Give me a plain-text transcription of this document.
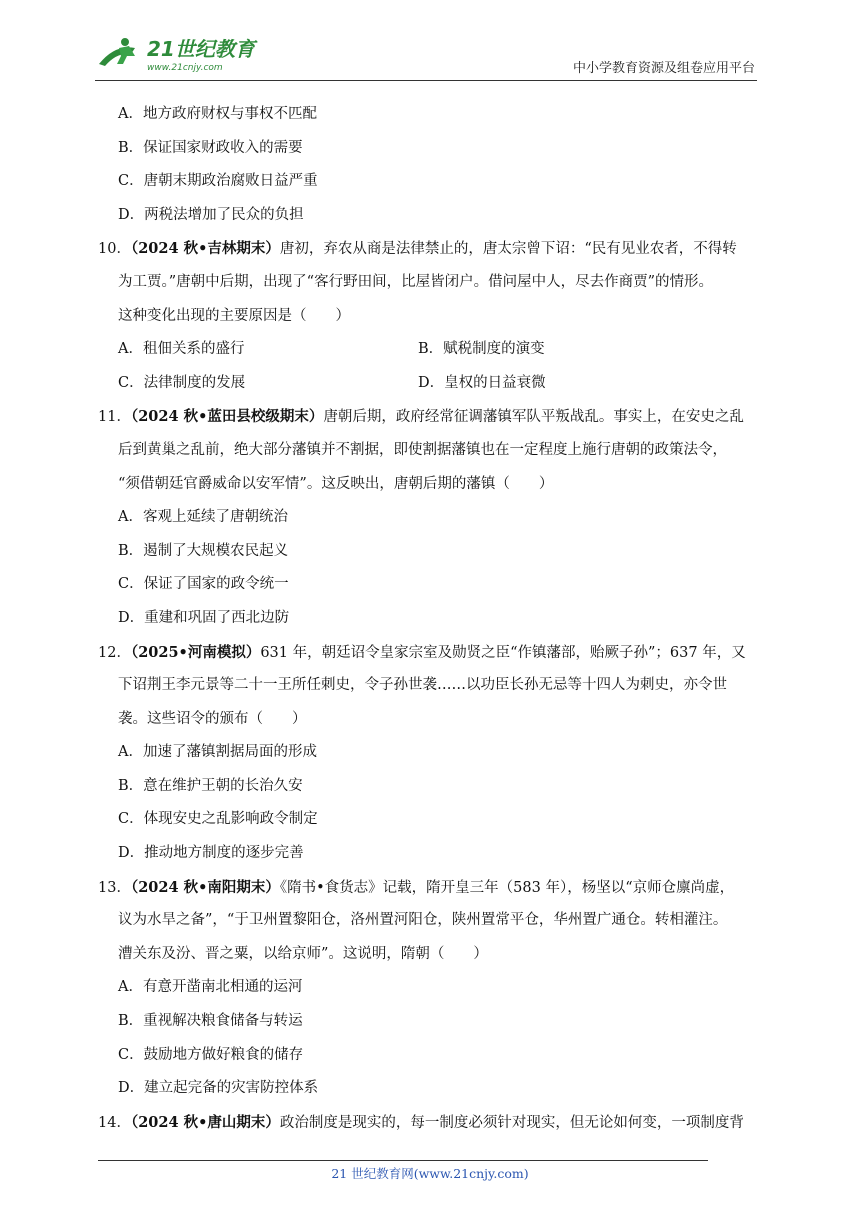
21世纪教育
www.21cnjy.com	中小学教育资源及组卷应用平台
A．地方政府财权与事权不匹配
B．保证国家财政收入的需要
C．唐朝末期政治腐败日益严重
D．两税法增加了民众的负担
10．（2024 秋•吉林期末）唐初，弃农从商是法律禁止的，唐太宗曾下诏：“民有见业农者，不得转
为工贾。”唐朝中后期，出现了“客行野田间，比屋皆闭户。借问屋中人，尽去作商贾”的情形。
这种变化出现的主要原因是（　　）
A．租佃关系的盛行	B．赋税制度的演变
C．法律制度的发展	D．皇权的日益衰微
11．（2024 秋•蓝田县校级期末）唐朝后期，政府经常征调藩镇军队平叛战乱。事实上，在安史之乱
后到黄巢之乱前，绝大部分藩镇并不割据，即使割据藩镇也在一定程度上施行唐朝的政策法令，
“须借朝廷官爵威命以安军情”。这反映出，唐朝后期的藩镇（　　）
A．客观上延续了唐朝统治
B．遏制了大规模农民起义
C．保证了国家的政令统一
D．重建和巩固了西北边防
12．（2025•河南模拟）631 年，朝廷诏令皇家宗室及勋贤之臣“作镇藩部，贻厥子孙”；637 年，又
下诏荆王李元景等二十一王所任刺史，令子孙世袭……以功臣长孙无忌等十四人为刺史，亦令世
袭。这些诏令的颁布（　　）
A．加速了藩镇割据局面的形成
B．意在维护王朝的长治久安
C．体现安史之乱影响政令制定
D．推动地方制度的逐步完善
13．（2024 秋•南阳期末）《隋书•食货志》记载，隋开皇三年（583 年），杨坚以“京师仓廪尚虚，
议为水旱之备”，“于卫州置黎阳仓，洛州置河阳仓，陕州置常平仓，华州置广通仓。转相灌注。
漕关东及汾、晋之粟，以给京师”。这说明，隋朝（　　）
A．有意开凿南北相通的运河
B．重视解决粮食储备与转运
C．鼓励地方做好粮食的储存
D．建立起完备的灾害防控体系
14．（2024 秋•唐山期末）政治制度是现实的，每一制度必须针对现实，但无论如何变，一项制度背
21 世纪教育网(www.21cnjy.com)
